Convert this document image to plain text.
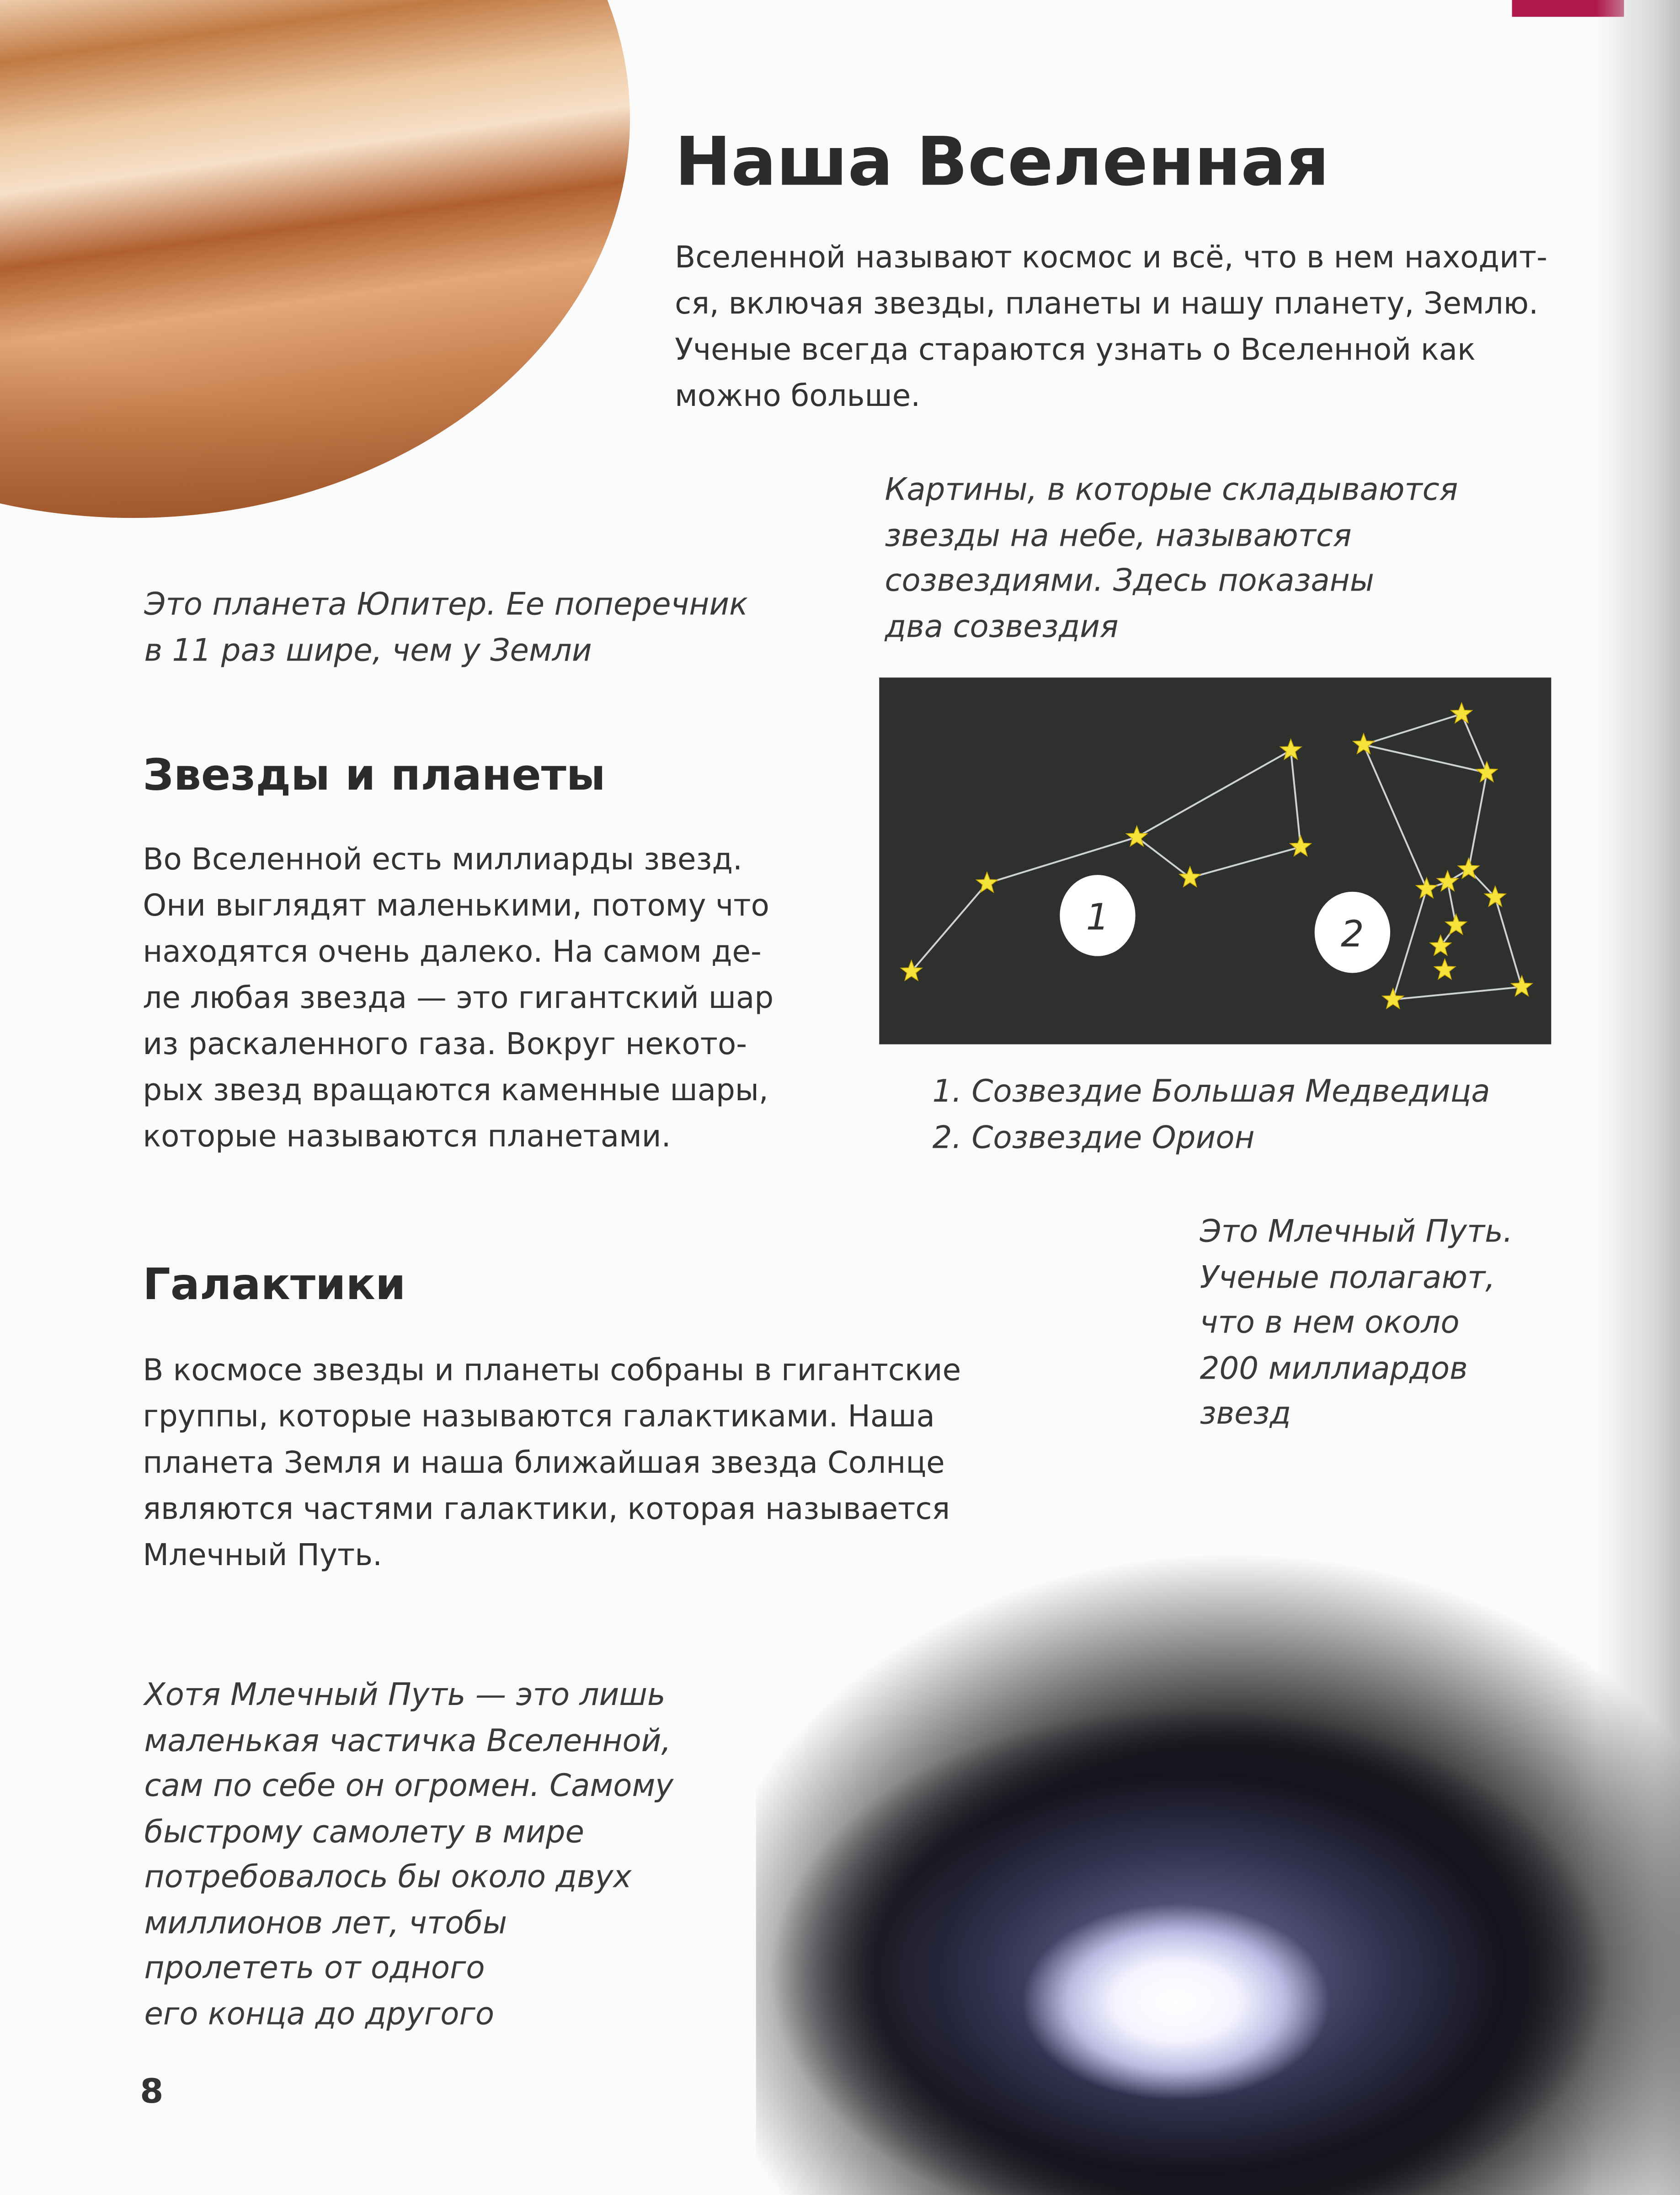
Наша Вселенная
Вселенной называют космос и всё, что в нем находит-
ся, включая звезды, планеты и нашу планету, Землю.
Ученые всегда стараются узнать о Вселенной как
можно больше.
Картины, в которые складываются
звезды на небе, называются
созвездиями. Здесь показаны
два созвездия
Это планета Юпитер. Ее поперечник
в 11 раз шире, чем у Земли
1	2
1. Созвездие Большая Медведица
2. Созвездие Орион
Звезды и планеты
Во Вселенной есть миллиарды звезд.
Они выглядят маленькими, потому что
находятся очень далеко. На самом де-
ле любая звезда — это гигантский шар
из раскаленного газа. Вокруг некото-
рых звезд вращаются каменные шары,
которые называются планетами.
Это Млечный Путь.
Ученые полагают,
что в нем около
200 миллиардов
звезд
Галактики
В космосе звезды и планеты собраны в гигантские
группы, которые называются галактиками. Наша
планета Земля и наша ближайшая звезда Солнце
являются частями галактики, которая называется
Млечный Путь.
Хотя Млечный Путь — это лишь
маленькая частичка Вселенной,
сам по себе он огромен. Самому
быстрому самолету в мире
потребовалось бы около двух
миллионов лет, чтобы
пролететь от одного
его конца до другого
8
